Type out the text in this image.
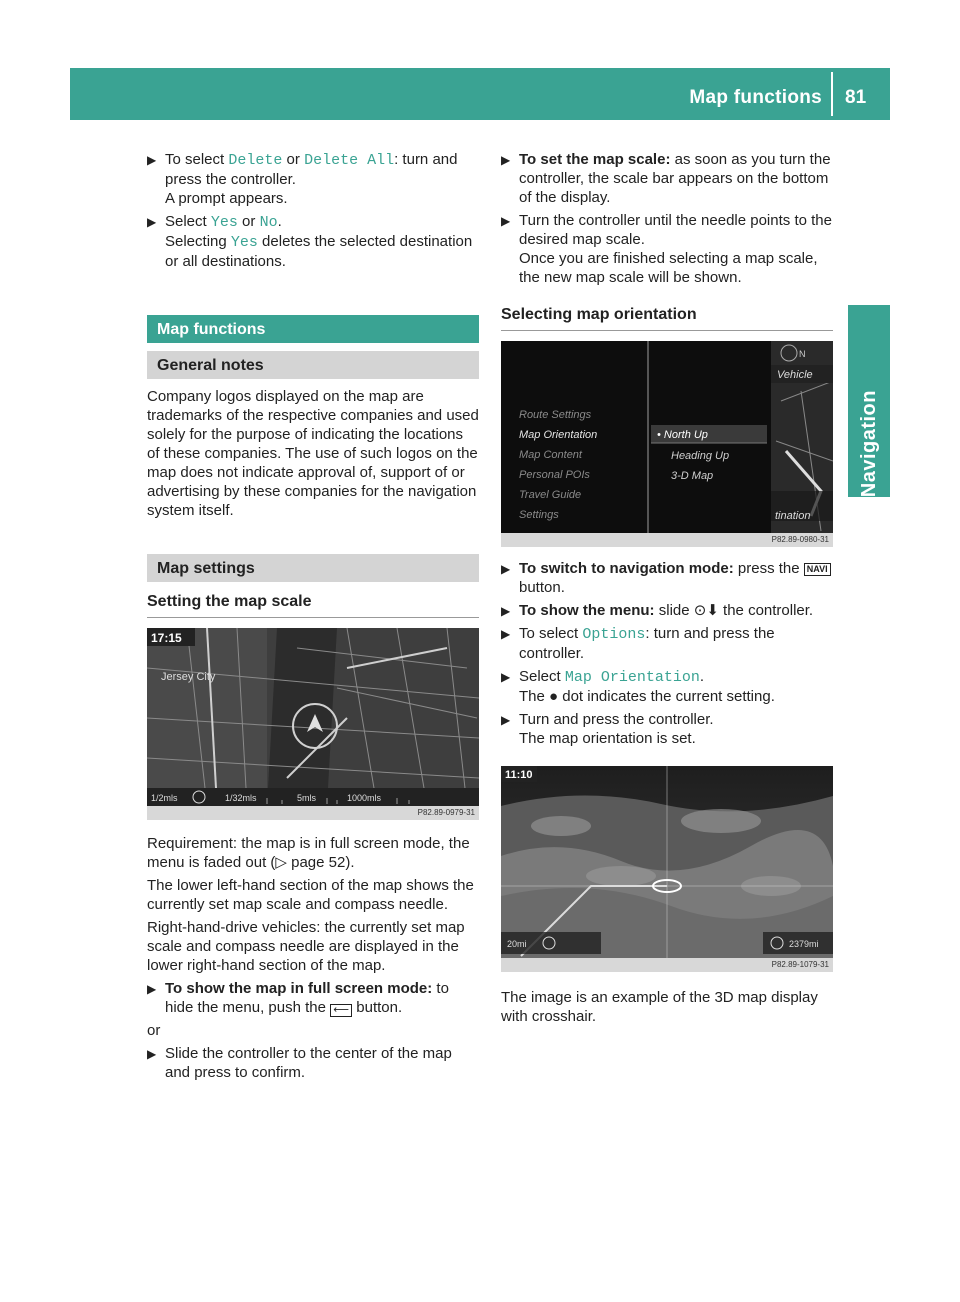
Map functions 81
Navigation
▶ To select Delete or Delete All: turn and press the controller.
A prompt appears.
▶ Select Yes or No.
Selecting Yes deletes the selected destination or all destinations.
Map functions
General notes
Company logos displayed on the map are trademarks of the respective companies and used solely for the purpose of indicating the locations of these companies. The use of such logos on the map does not indicate approval of, support of or advertising by these companies for the navigation system itself.
Map settings
Setting the map scale
17:15
Jersey City
1/2mls	1/32mls	5mls	1000mls
P82.89-0979-31
Requirement: the map is in full screen mode, the menu is faded out (▷ page 52).
The lower left-hand section of the map shows the currently set map scale and compass needle.
Right-hand-drive vehicles: the currently set map scale and compass needle are displayed in the lower right-hand section of the map.
▶ To show the map in full screen mode: to hide the menu, push the ⟵ button.
or
▶ Slide the controller to the center of the map and press to confirm.
▶ To set the map scale: as soon as you turn the controller, the scale bar appears on the bottom of the display.
▶ Turn the controller until the needle points to the desired map scale.
Once you are finished selecting a map scale, the new map scale will be shown.
Selecting map orientation
N
Vehicle
tination
Route Settings
Map Orientation
Map Content
Personal POIs
Travel Guide
Settings
• North Up
Heading Up
3-D Map
P82.89-0980-31
▶ To switch to navigation mode: press the NAVI button.
▶ To show the menu: slide ⊙⬇ the controller.
▶ To select Options: turn and press the controller.
▶ Select Map Orientation.
The ● dot indicates the current setting.
▶ Turn and press the controller.
The map orientation is set.
11:10
20mi	2379mi
P82.89-1079-31
The image is an example of the 3D map display with crosshair.
